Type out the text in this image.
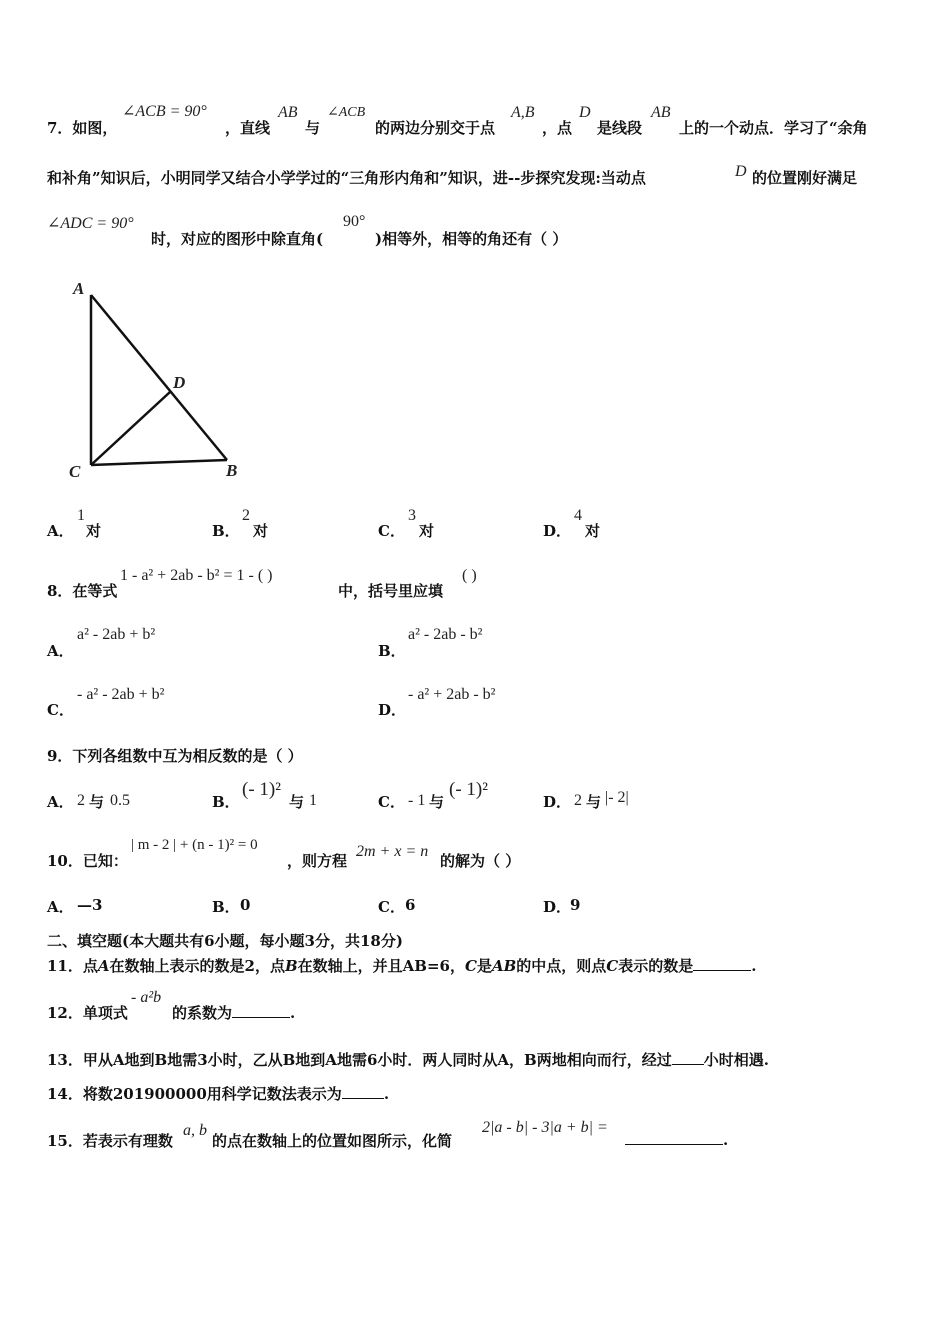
7．如图，
∠ACB = 90°
，直线
AB
与
∠ACB
的两边分别交于点
A,B
，点
D
是线段
AB
上的一个动点．学习了“余角
和补角”知识后，小明同学又结合小学学过的“三角形内角和”知识，进--步探究发现:当动点	D 的位置刚好满足
∠ADC = 90°
时，对应的图形中除直角(
90°
)相等外，相等的角还有（ ）
A
D
C	B
A．
1
对	B．
2
对	C．
3
对	D．
4
对
8．在等式
1 - a² + 2ab - b² = 1 - ( )
中，括号里应填
( )
A．
a² - 2ab + b²
B．
a² - 2ab - b²
C．
- a² - 2ab + b²
D．
- a² + 2ab - b²
9．下列各组数中互为相反数的是（ ）
A． 2 与 0.5	B．
(- 1)²
与 1	C． - 1 与
(- 1)²
D． 2 与 |- 2|
10．已知：
| m - 2 | + (n - 1)² = 0
，则方程
2m + x = n
的解为（ ）
A． —3	B． 0	C． 6	D．
9
二、填空题(本大题共有6小题，每小题3分，共18分)
11．点A在数轴上表示的数是2，点B在数轴上，并且AB=6，C是AB的中点，则点C表示的数是	.
12．单项式
- a²b
的系数为	.
13．甲从A地到B地需3小时，乙从B地到A地需6小时．两人同时从A，B两地相向而行，经过 小时相遇.
14．将数201900000用科学记数法表示为	.
15．若表示有理数
a, b
的点在数轴上的位置如图所示，化简
2|a - b| - 3|a + b| =
.
